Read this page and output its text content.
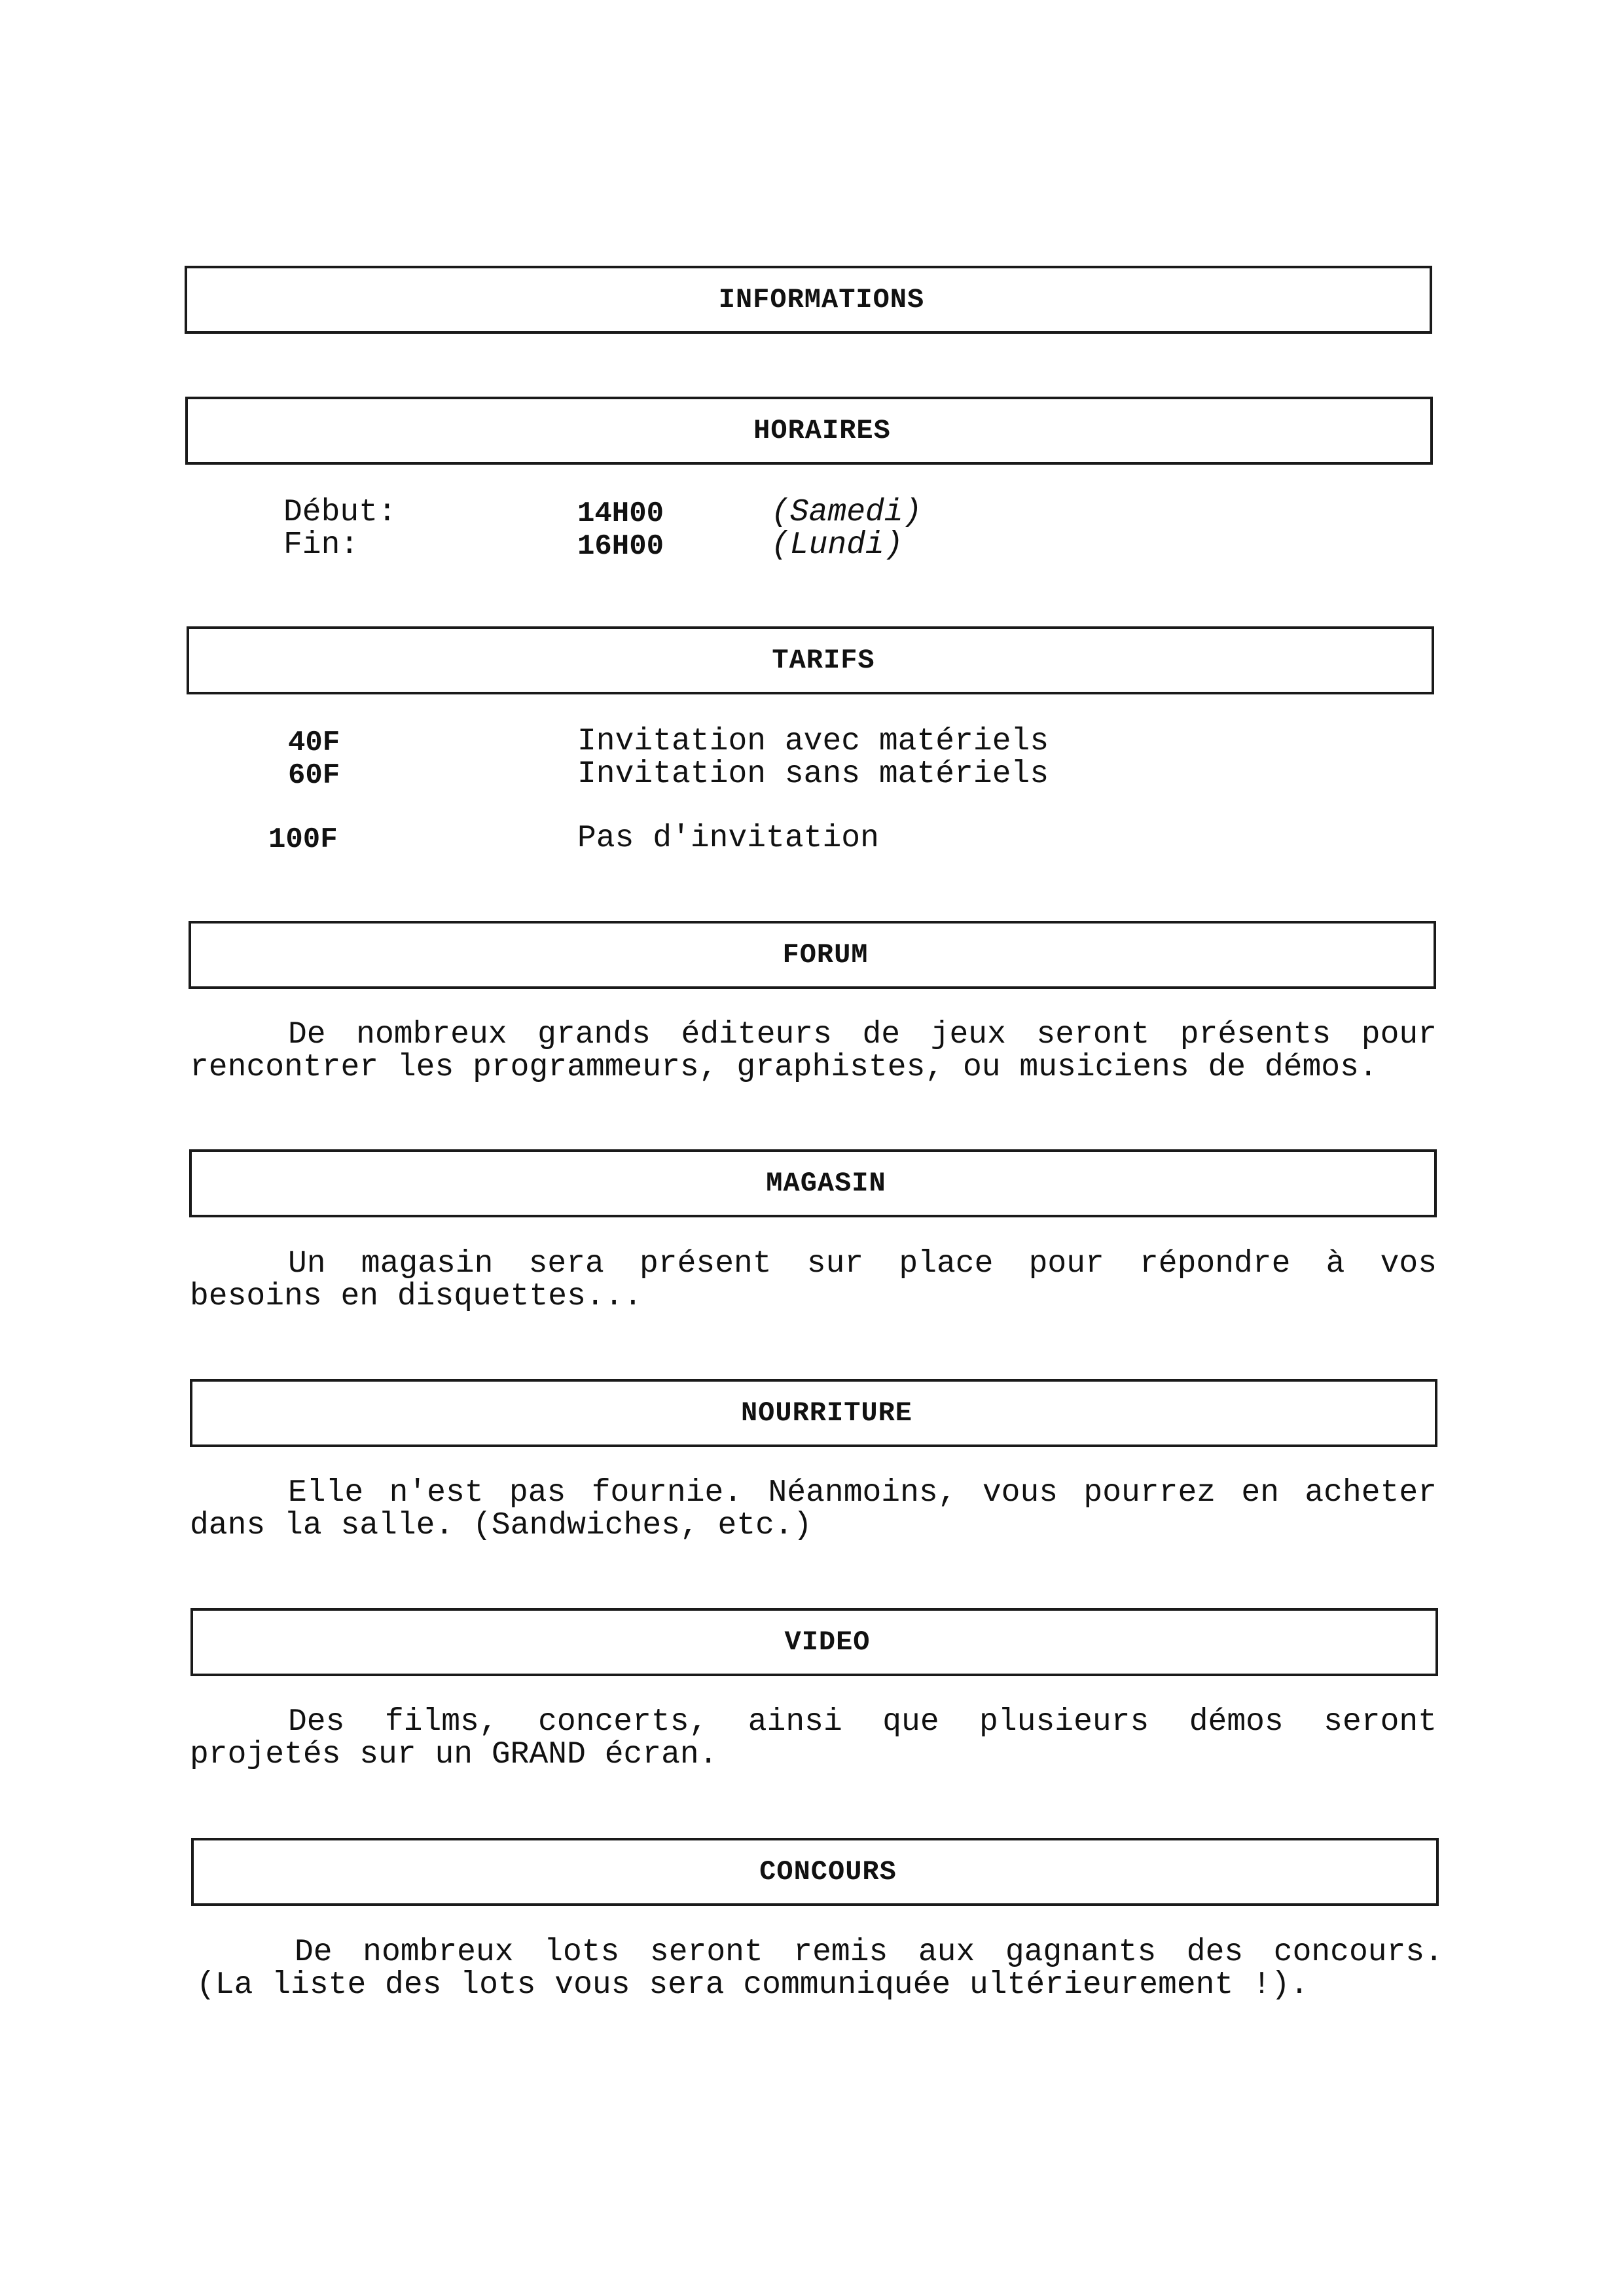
INFORMATIONS
HORAIRES
Début:	14H00	(Samedi)
Fin:	16H00	(Lundi)
TARIFS
40F	Invitation avec matériels
60F	Invitation sans matériels
100F	Pas d'invitation
FORUM
De nombreux grands éditeurs de jeux seront présents pour
rencontrer les programmeurs, graphistes, ou musiciens de démos.
MAGASIN
Un magasin sera présent sur place pour répondre à vos
besoins en disquettes...
NOURRITURE
Elle n'est pas fournie. Néanmoins, vous pourrez en acheter
dans la salle. (Sandwiches, etc.)
VIDEO
Des films, concerts, ainsi que plusieurs démos seront
projetés sur un GRAND écran.
CONCOURS
De nombreux lots seront remis aux gagnants des concours.
(La liste des lots vous sera communiquée ultérieurement !).
